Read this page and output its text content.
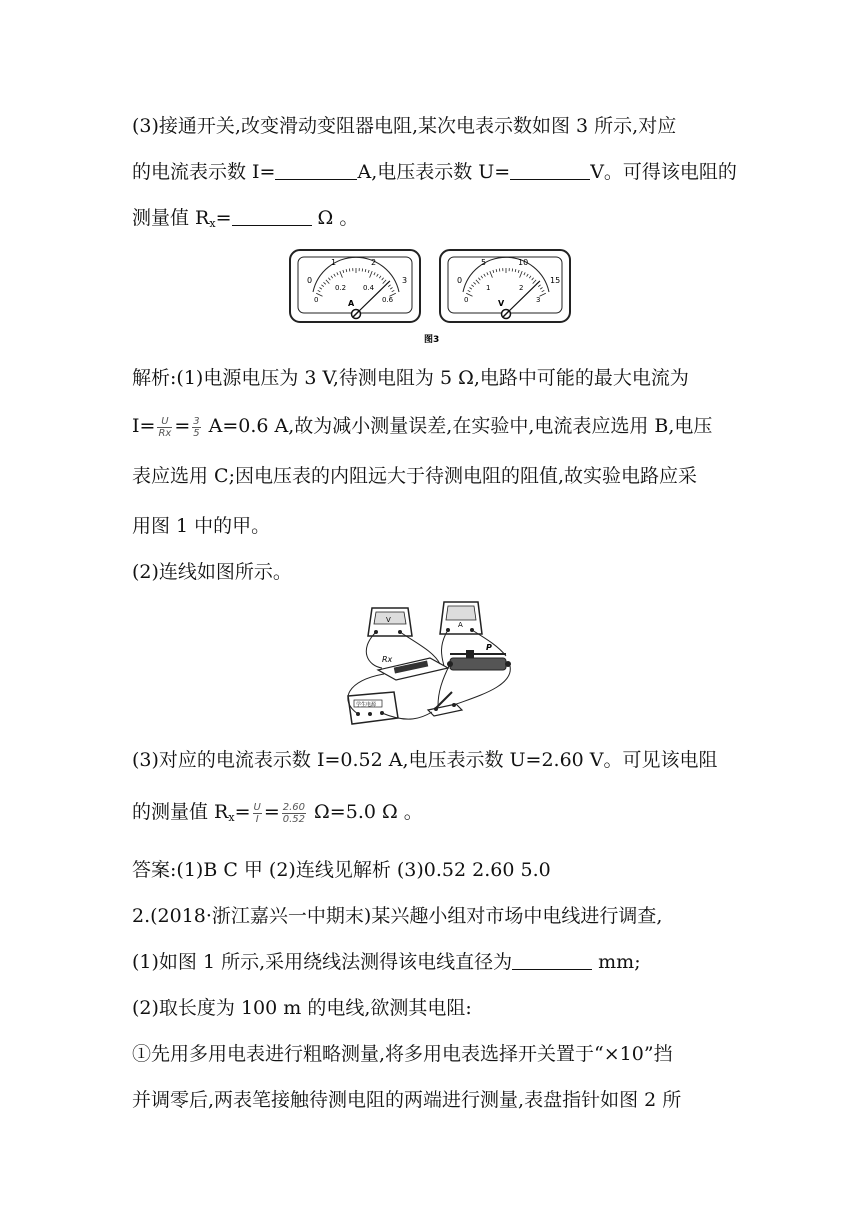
(3)接通开关,改变滑动变阻器电阻,某次电表示数如图 3 所示,对应
的电流表示数 I=	A,电压表示数 U=	V。可得该电阻的
测量值 $R_x=$	Ω 。
0
1	2
3
0
0.2 0.4
0.6
A
0
5	10
15
0
1	2
3
V
图3
解析:(1)电源电压为 3 V,待测电阻为 5 Ω,电路中可能的最大电流为
$I= \frac{U}{Rx} = \frac{3}{5} A=0.6$ A,故为减小测量误差,在实验中,电流表应选用 B,电压
表应选用 C;因电压表的内阻远大于待测电阻的阻值,故实验电路应采
用图 1 中的甲。
(2)连线如图所示。
V
A
Rx
P
学生电源
(3)对应的电流表示数 I=0.52 A,电压表示数 U=2.60 V。可见该电阻
的测量值 $R_x= \frac{U}{I} = \frac{2.60}{0.52} \Omega=5.0$ Ω 。
答案:(1)B C 甲 (2)连线见解析 (3)0.52 2.60 5.0
2.(2018·浙江嘉兴一中期末)某兴趣小组对市场中电线进行调查,
(1)如图 1 所示,采用绕线法测得该电线直径为	mm;
(2)取长度为 100 m 的电线,欲测其电阻:
①先用多用电表进行粗略测量,将多用电表选择开关置于“×10”挡
并调零后,两表笔接触待测电阻的两端进行测量,表盘指针如图 2 所
